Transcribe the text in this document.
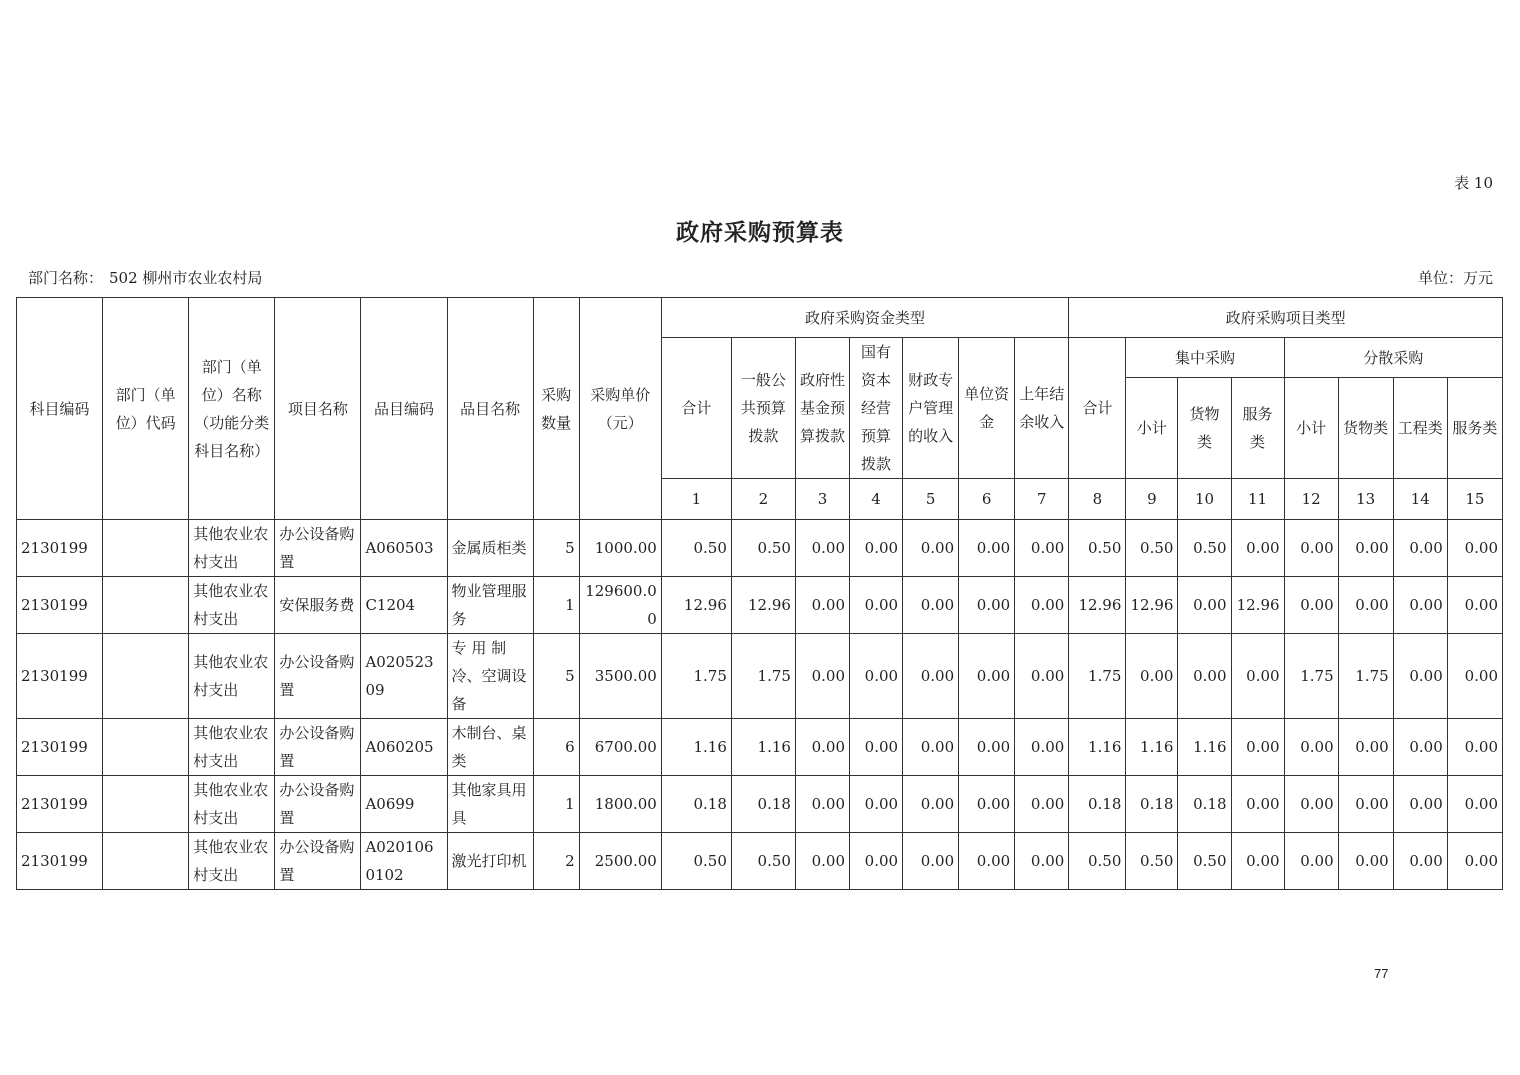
表 10
政府采购预算表
部门名称： 502 柳州市农业农村局	单位：万元
科目编码	部门（单位）代码	部门（单位）名称（功能分类科目名称）	项目名称	品目编码	品目名称	采购数量	采购单价（元）	政府采购资金类型							政府采购项目类型							
								合计	一般公共预算拨款	政府性基金预算拨款	国有资本经营预算拨款	财政专户管理的收入	单位资金	上年结余收入	合计	集中采购			分散采购			
																小计	货物类	服务类	小计	货物类	工程类	服务类
								1	2	3	4	5	6	7	8	9	10	11	12	13	14	15
2130199		其他农业农村支出	办公设备购置	A060503	金属质柜类	5	1000.00	0.50	0.50	0.00	0.00	0.00	0.00	0.00	0.50	0.50	0.50	0.00	0.00	0.00	0.00	0.00
2130199		其他农业农村支出	安保服务费	C1204	物业管理服务	1	129600.00	12.96	12.96	0.00	0.00	0.00	0.00	0.00	12.96	12.96	0.00	12.96	0.00	0.00	0.00	0.00
2130199		其他农业农村支出	办公设备购置	A02052309	专 用 制冷、空调设备	5	3500.00	1.75	1.75	0.00	0.00	0.00	0.00	0.00	1.75	0.00	0.00	0.00	1.75	1.75	0.00	0.00
2130199		其他农业农村支出	办公设备购置	A060205	木制台、桌类	6	6700.00	1.16	1.16	0.00	0.00	0.00	0.00	0.00	1.16	1.16	1.16	0.00	0.00	0.00	0.00	0.00
2130199		其他农业农村支出	办公设备购置	A0699	其他家具用具	1	1800.00	0.18	0.18	0.00	0.00	0.00	0.00	0.00	0.18	0.18	0.18	0.00	0.00	0.00	0.00	0.00
2130199		其他农业农村支出	办公设备购置	A0201060102	激光打印机	2	2500.00	0.50	0.50	0.00	0.00	0.00	0.00	0.00	0.50	0.50	0.50	0.00	0.00	0.00	0.00	0.00
77
